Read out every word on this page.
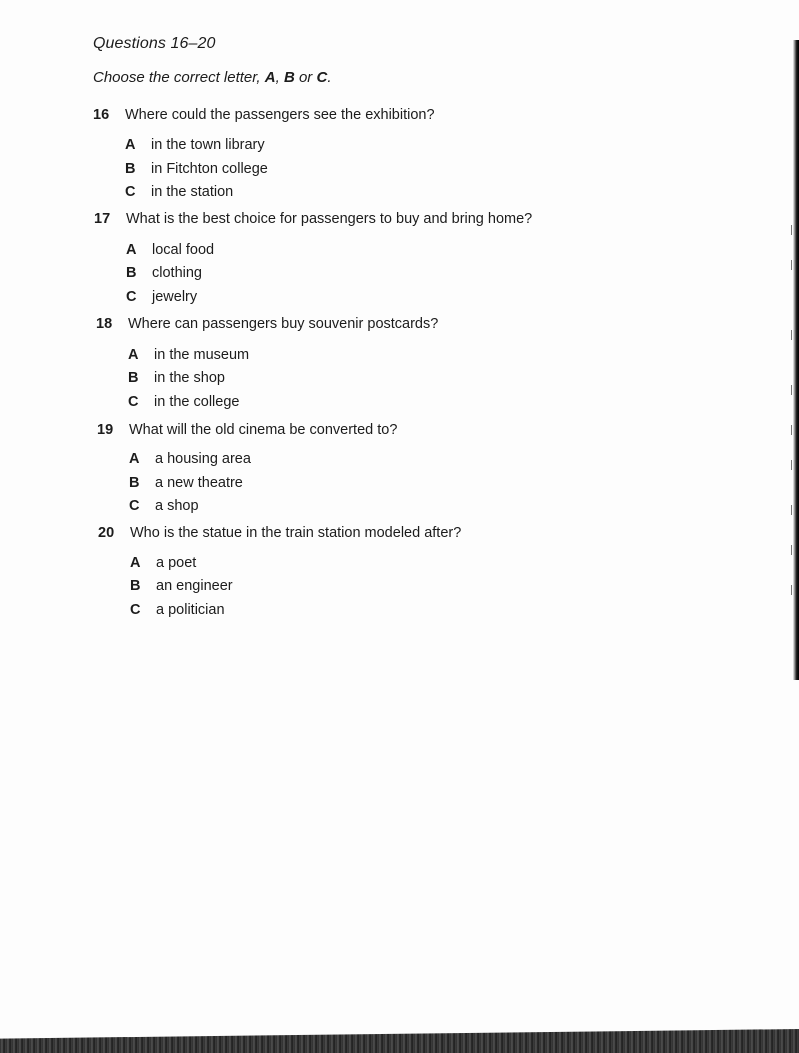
Questions 16–20
Choose the correct letter, A, B or C.
16 Where could the passengers see the exhibition?
A in the town library
B in Fitchton college
C in the station
17 What is the best choice for passengers to buy and bring home?
A local food
B clothing
C jewelry
18 Where can passengers buy souvenir postcards?
A in the museum
B in the shop
C in the college
19 What will the old cinema be converted to?
A a housing area
B a new theatre
C a shop
20 Who is the statue in the train station modeled after?
A a poet
B an engineer
C a politician
